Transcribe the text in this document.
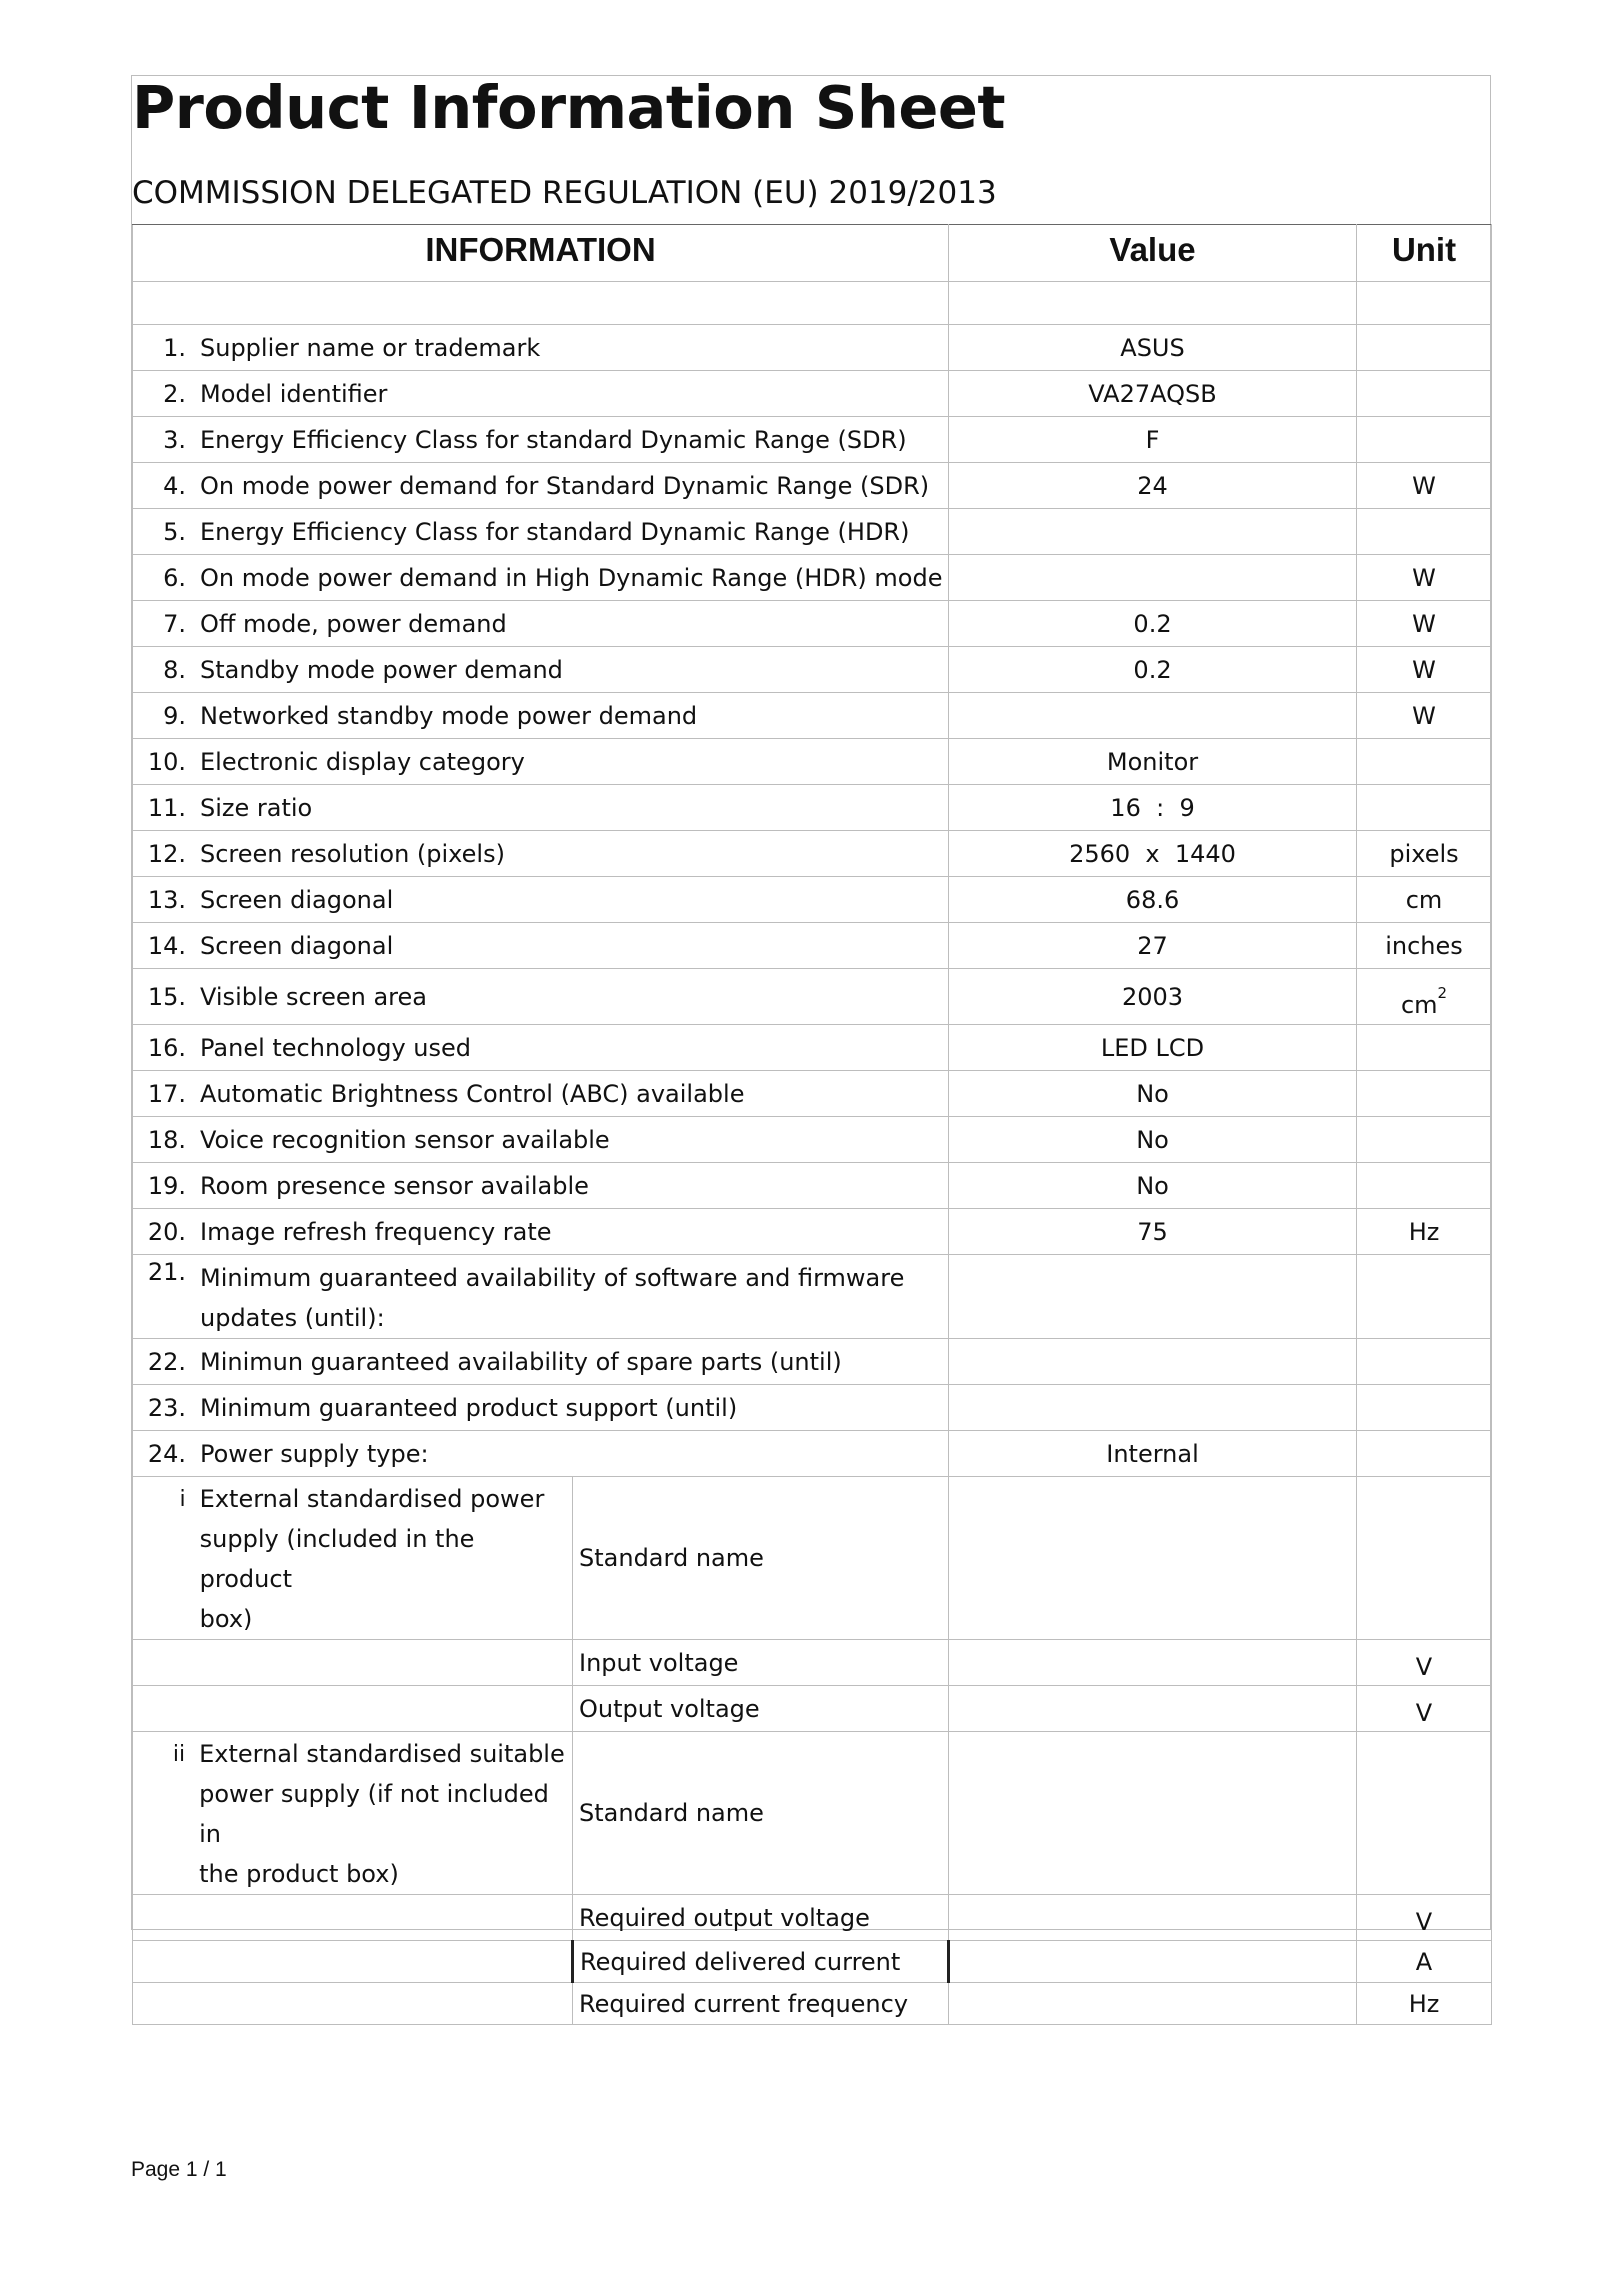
Product Information Sheet
COMMISSION DELEGATED REGULATION (EU) 2019/2013
INFORMATION		Value	Unit

1. Supplier name or trademark		ASUS	
2. Model identifier		VA27AQSB	
3. Energy Efficiency Class for standard Dynamic Range (SDR)		F	
4. On mode power demand for Standard Dynamic Range (SDR)		24	W
5. Energy Efficiency Class for standard Dynamic Range (HDR)			
6. On mode power demand in High Dynamic Range (HDR) mode			W
7. Off mode, power demand		0.2	W
8. Standby mode power demand		0.2	W
9. Networked standby mode power demand			W
10. Electronic display category		Monitor	
11. Size ratio		16  :  9	
12. Screen resolution (pixels)		2560  x  1440	pixels
13. Screen diagonal		68.6	cm
14. Screen diagonal		27	inches
15. Visible screen area		2003	$cm^2$
16. Panel technology used		LED LCD	
17. Automatic Brightness Control (ABC) available		No	
18. Voice recognition sensor available		No	
19. Room presence sensor available		No	
20. Image refresh frequency rate		75	Hz

21. Minimum guaranteed availability of software and firmware
updates (until):			

22. Minimun guaranteed availability of spare parts (until)			
23. Minimum guaranteed product support (until)			
24. Power supply type:		Internal	

i External standardised power
supply (included in the product
box)	Standard name		

	Input voltage		V

	Output voltage		V

ii External standardised suitable
power supply (if not included in
the product box)	Standard name		

	Required output voltage		V

	Required delivered current		A

	Required current frequency		Hz
Page 1 / 1
